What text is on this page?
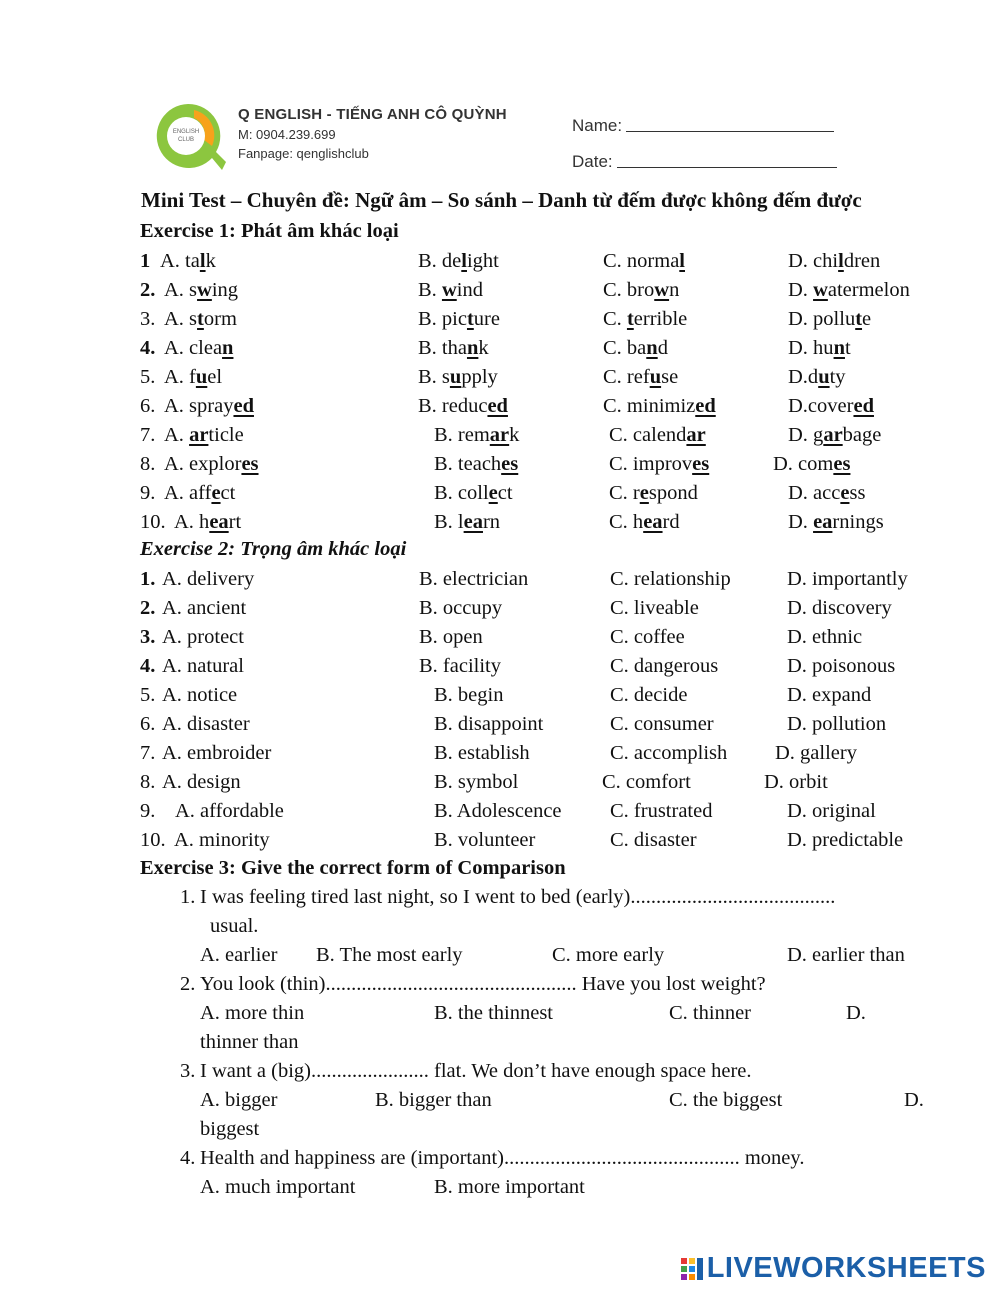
ENGLISH
CLUB
Q ENGLISH - TIẾNG ANH CÔ QUỲNH
M: 0904.239.699
Fanpage: qenglishclub
Name:
Date:
Mini Test – Chuyên đề: Ngữ âm – So sánh – Danh từ đếm được không đếm được
Exercise 1: Phát âm khác loại
1 A. talk	B. delight	C. normal	D. children
2. A. swing	B. wind	C. brown	D. watermelon
3. A. storm	B. picture	C. terrible	D. pollute
4. A. clean	B. thank	C. band	D. hunt
5. A. fuel	B. supply	C. refuse	D.duty
6. A. sprayed	B. reduced	C. minimized	D.covered
7. A. article	B. remark	C. calendar	D. garbage
8. A. explores	B. teaches	C. improves	D. comes
9. A. affect	B. collect	C. respond	D. access
10. A. heart	B. learn	C. heard	D. earnings
Exercise 2: Trọng âm khác loại
1. A. delivery	B. electrician	C. relationship	D. importantly
2. A. ancient	B. occupy	C. liveable	D. discovery
3. A. protect	B. open	C. coffee	D. ethnic
4. A. natural	B. facility	C. dangerous	D. poisonous
5. A. notice	B. begin	C. decide	D. expand
6. A. disaster	B. disappoint	C. consumer	D. pollution
7. A. embroider	B. establish	C. accomplish D. gallery
8. A. design	B. symbol	C. comfort	D. orbit
9. A. affordable	B. Adolescence C. frustrated	D. original
10. A. minority	B. volunteer	C. disaster	D. predictable
Exercise 3: Give the correct form of Comparison
1. I was feeling tired last night, so I went to bed (early)........................................
usual.
A. earlier B. The most early	C. more early	D. earlier than
2. You look (thin)................................................. Have you lost weight?
A. more thin	B. the thinnest	C. thinner	D.
thinner than
3. I want a (big)....................... flat. We don’t have enough space here.
A. bigger	B. bigger than	C. the biggest	D.
biggest
4. Health and happiness are (important).............................................. money.
A. much important	B. more important
LIVEWORKSHEETS
